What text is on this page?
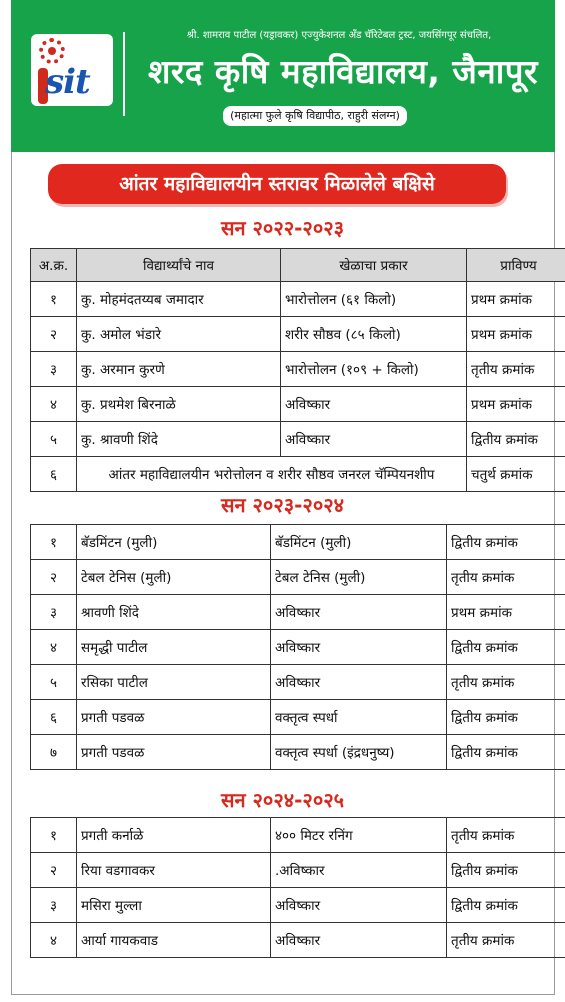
sit
श्री. शामराव पाटील (यड्रावकर) एज्युकेशनल अँड चॅरिटेबल ट्रस्ट, जयसिंगपूर संचलित,
शरद कृषि महाविद्यालय, जैनापूर
(महात्मा फुले कृषि विद्यापीठ, राहुरी संलग्न)
आंतर महाविद्यालयीन स्तरावर मिळालेले बक्षिसे
सन २०२२-२०२३
अ.क्र.	विद्यार्थ्यांचे नाव	खेळाचा प्रकार	प्राविण्य
१	कु. मोहमंदतय्यब जमादार	भारोत्तोलन (६१ किलो)	प्रथम क्रमांक
२	कु. अमोल भंडारे	शरीर सौष्ठव (८५ किलो)	प्रथम क्रमांक
३	कु. अरमान कुरणे	भारोत्तोलन (१०९ + किलो)	तृतीय क्रमांक
४	कु. प्रथमेश बिरनाळे	अविष्कार	प्रथम क्रमांक
५	कु. श्रावणी शिंदे	अविष्कार	द्वितीय क्रमांक
६	आंतर महाविद्यालयीन भरोत्तोलन व शरीर सौष्ठव जनरल चॅम्पियनशीप		चतुर्थ क्रमांक
सन २०२३-२०२४
१	बॅडमिंटन (मुली)	बॅडमिंटन (मुली)	द्वितीय क्रमांक
२	टेबल टेनिस (मुली)	टेबल टेनिस (मुली)	तृतीय क्रमांक
३	श्रावणी शिंदे	अविष्कार	प्रथम क्रमांक
४	समृद्धी पाटील	अविष्कार	द्वितीय क्रमांक
५	रसिका पाटील	अविष्कार	तृतीय क्रमांक
६	प्रगती पडवळ	वक्तृत्व स्पर्धा	द्वितीय क्रमांक
७	प्रगती पडवळ	वक्तृत्व स्पर्धा (इंद्रधनुष्य)	द्वितीय क्रमांक
सन २०२४-२०२५
१	प्रगती कर्नाळे	४०० मिटर रनिंग	तृतीय क्रमांक
२	रिया वडगावकर	.अविष्कार	द्वितीय क्रमांक
३	मसिरा मुल्ला	अविष्कार	द्वितीय क्रमांक
४	आर्या गायकवाड	अविष्कार	तृतीय क्रमांक
